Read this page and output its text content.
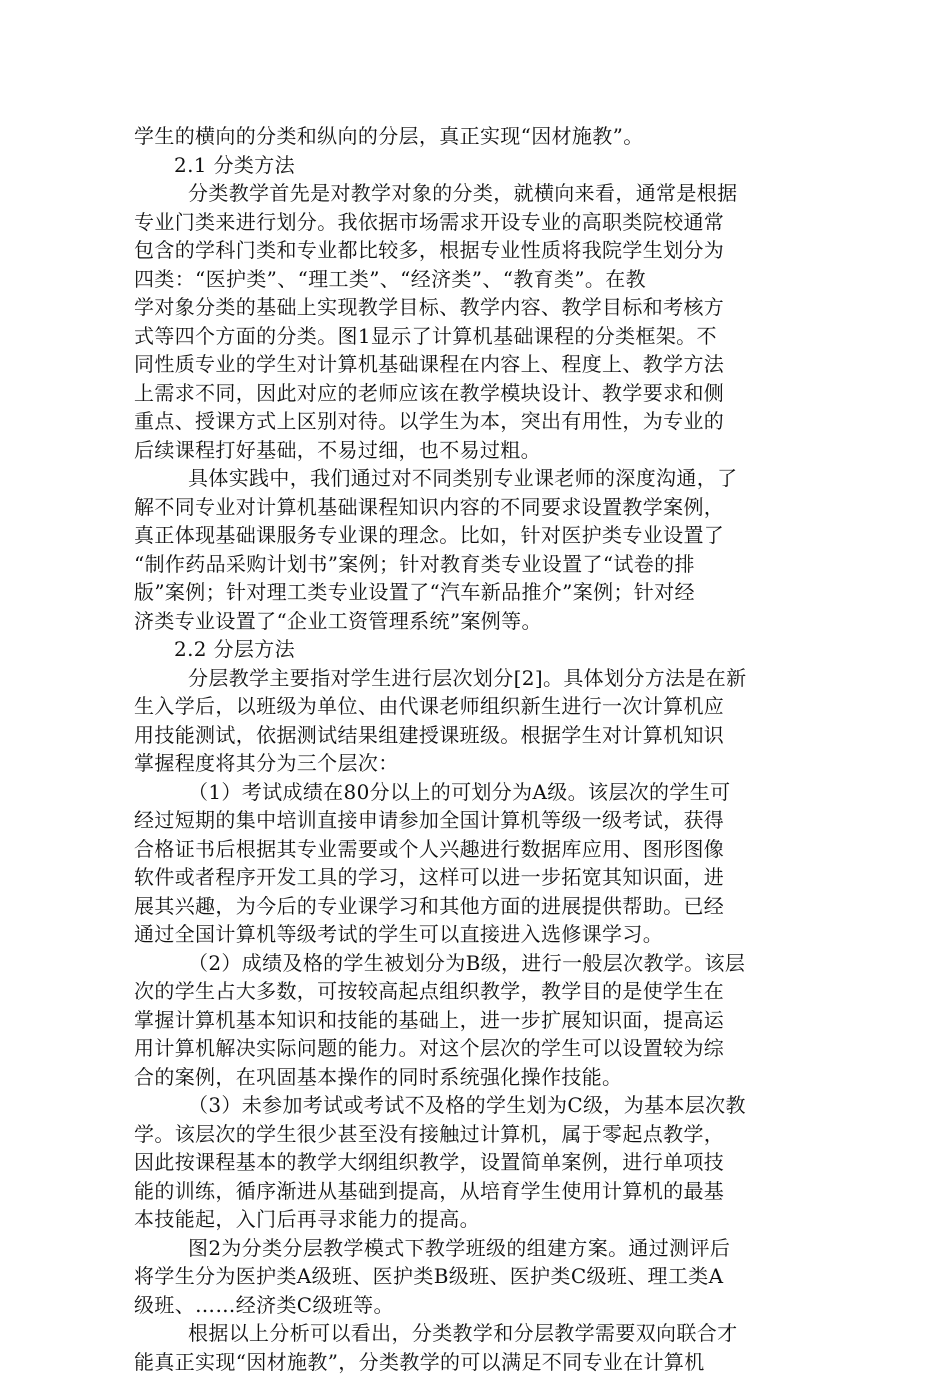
学生的横向的分类和纵向的分层，真正实现“因材施教”。
2.1 分类方法
分类教学首先是对教学对象的分类，就横向来看，通常是根据
专业门类来进行划分。我依据市场需求开设专业的高职类院校通常
包含的学科门类和专业都比较多，根据专业性质将我院学生划分为
四类：“医护类”、“理工类”、“经济类”、“教育类”。在教
学对象分类的基础上实现教学目标、教学内容、教学目标和考核方
式等四个方面的分类。图1显示了计算机基础课程的分类框架。不
同性质专业的学生对计算机基础课程在内容上、程度上、教学方法
上需求不同，因此对应的老师应该在教学模块设计、教学要求和侧
重点、授课方式上区别对待。以学生为本，突出有用性，为专业的
后续课程打好基础，不易过细，也不易过粗。
具体实践中，我们通过对不同类别专业课老师的深度沟通，了
解不同专业对计算机基础课程知识内容的不同要求设置教学案例，
真正体现基础课服务专业课的理念。比如，针对医护类专业设置了
“制作药品采购计划书”案例；针对教育类专业设置了“试卷的排
版”案例；针对理工类专业设置了“汽车新品推介”案例；针对经
济类专业设置了“企业工资管理系统”案例等。
2.2 分层方法
分层教学主要指对学生进行层次划分[2]。具体划分方法是在新
生入学后，以班级为单位、由代课老师组织新生进行一次计算机应
用技能测试，依据测试结果组建授课班级。根据学生对计算机知识
掌握程度将其分为三个层次：
（1）考试成绩在80分以上的可划分为A级。该层次的学生可
经过短期的集中培训直接申请参加全国计算机等级一级考试，获得
合格证书后根据其专业需要或个人兴趣进行数据库应用、图形图像
软件或者程序开发工具的学习，这样可以进一步拓宽其知识面，进
展其兴趣，为今后的专业课学习和其他方面的进展提供帮助。已经
通过全国计算机等级考试的学生可以直接进入选修课学习。
（2）成绩及格的学生被划分为B级，进行一般层次教学。该层
次的学生占大多数，可按较高起点组织教学，教学目的是使学生在
掌握计算机基本知识和技能的基础上，进一步扩展知识面，提高运
用计算机解决实际问题的能力。对这个层次的学生可以设置较为综
合的案例，在巩固基本操作的同时系统强化操作技能。
（3）未参加考试或考试不及格的学生划为C级，为基本层次教
学。该层次的学生很少甚至没有接触过计算机，属于零起点教学，
因此按课程基本的教学大纲组织教学，设置简单案例，进行单项技
能的训练，循序渐进从基础到提高，从培育学生使用计算机的最基
本技能起，入门后再寻求能力的提高。
图2为分类分层教学模式下教学班级的组建方案。通过测评后
将学生分为医护类A级班、医护类B级班、医护类C级班、理工类A
级班、……经济类C级班等。
根据以上分析可以看出，分类教学和分层教学需要双向联合才
能真正实现“因材施教”，分类教学的可以满足不同专业在计算机
